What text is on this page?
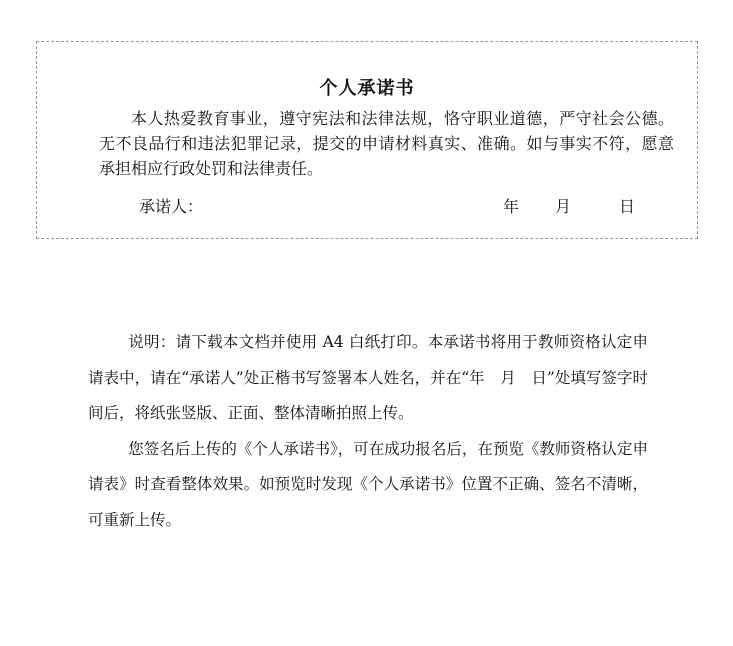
个人承诺书
本人热爱教育事业，遵守宪法和法律法规，恪守职业道德，严守社会公德。无不良品行和违法犯罪记录，提交的申请材料真实、准确。如与事实不符，愿意承担相应行政处罚和法律责任。
承诺人：	年	月	日

说明：请下载本文档并使用 A4 白纸打印。本承诺书将用于教师资格认定申请表中，请在“承诺人”处正楷书写签署本人姓名，并在“年　月　日”处填写签字时间后，将纸张竖版、正面、整体清晰拍照上传。

您签名后上传的《个人承诺书》，可在成功报名后，在预览《教师资格认定申请表》时查看整体效果。如预览时发现《个人承诺书》位置不正确、签名不清晰，可重新上传。
